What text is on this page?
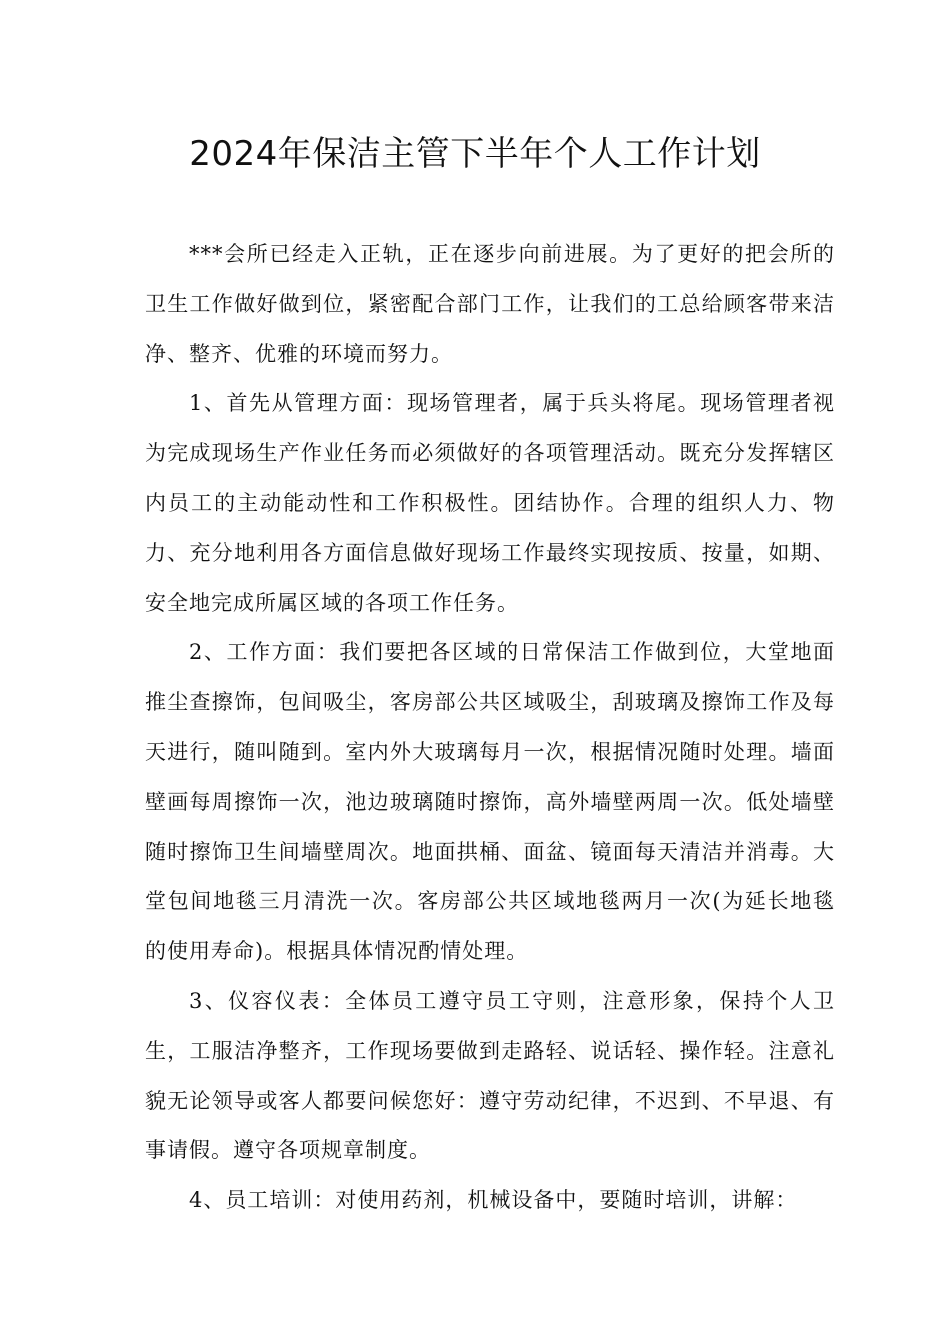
2024年保洁主管下半年个人工作计划

***会所已经走入正轨，正在逐步向前进展。为了更好的把会所的卫生工作做好做到位，紧密配合部门工作，让我们的工总给顾客带来洁净、整齐、优雅的环境而努力。

1、首先从管理方面：现场管理者，属于兵头将尾。现场管理者视为完成现场生产作业任务而必须做好的各项管理活动。既充分发挥辖区内员工的主动能动性和工作积极性。团结协作。合理的组织人力、物力、充分地利用各方面信息做好现场工作最终实现按质、按量，如期、安全地完成所属区域的各项工作任务。

2、工作方面：我们要把各区域的日常保洁工作做到位，大堂地面推尘查擦饰，包间吸尘，客房部公共区域吸尘，刮玻璃及擦饰工作及每天进行，随叫随到。室内外大玻璃每月一次，根据情况随时处理。墙面壁画每周擦饰一次，池边玻璃随时擦饰，高外墙壁两周一次。低处墙壁随时擦饰卫生间墙壁周次。地面拱桶、面盆、镜面每天清洁并消毒。大堂包间地毯三月清洗一次。客房部公共区域地毯两月一次(为延长地毯的使用寿命)。根据具体情况酌情处理。

3、仪容仪表：全体员工遵守员工守则，注意形象，保持个人卫生，工服洁净整齐，工作现场要做到走路轻、说话轻、操作轻。注意礼貌无论领导或客人都要问候您好：遵守劳动纪律，不迟到、不早退、有事请假。遵守各项规章制度。

4、员工培训：对使用药剂，机械设备中，要随时培训，讲解：
